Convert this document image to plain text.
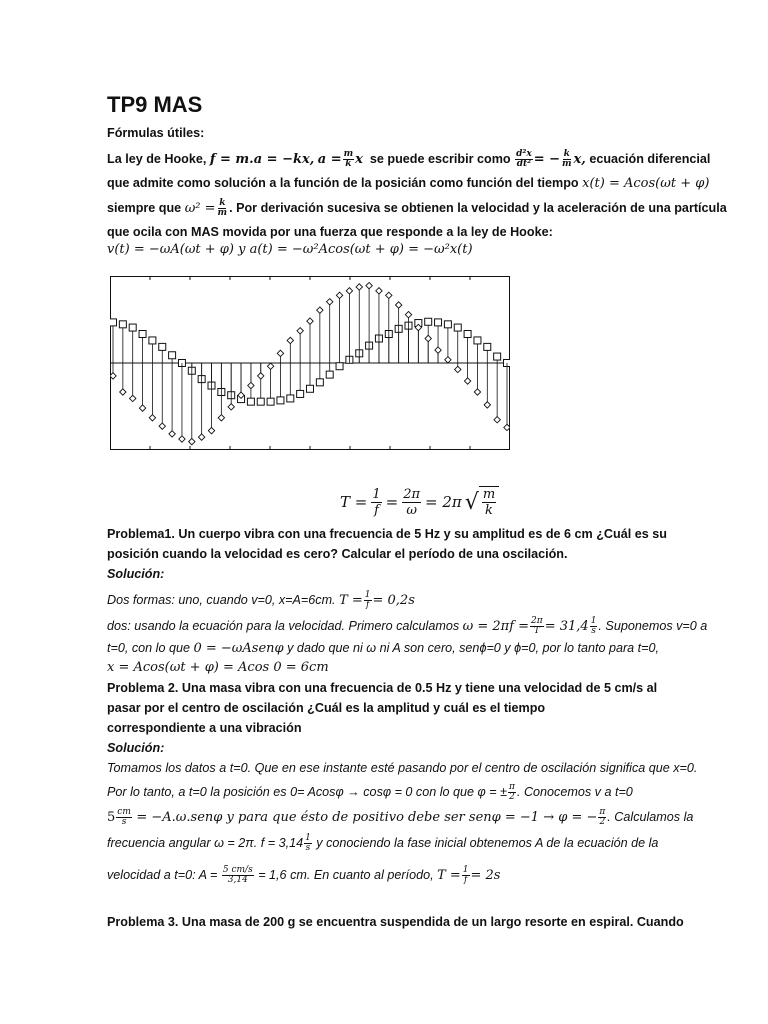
TP9 MAS
Fórmulas útiles:
La ley de Hooke, f = m.a = −kx, $a = \frac{m}{k}$ x se puede escribir como $\frac{\text{d²x}}{\text{dt²}}$ = − $\frac{k}{m} x$, ecuación diferencial
que admite como solución a la función de la posicián como función del tiempo x(t) = Acos(ωt + φ)
siempre que $\omega^2 = \frac{k}{m}$ . Por derivación sucesiva se obtienen la velocidad y la aceleración de una partícula
que ocila con MAS movida por una fuerza que responde a la ley de Hooke:
v(t) = −ωA(ωt + φ) y a(t) = −ω²Acos(ωt + φ) = −ω²x(t)
$T = \frac{1}{f} = \frac{2\pi}{\omega} = 2\pi$ √ $\frac{m}{k}$
Problema1. Un cuerpo vibra con una frecuencia de 5 Hz y su amplitud es de 6 cm ¿Cuál es su
posición cuando la velocidad es cero? Calcular el período de una oscilación.
Solución:
Dos formas: uno, cuando v=0, x=A=6cm. $T = \frac{1}{f} = 0,2s$
dos: usando la ecuación para la velocidad. Primero calculamos $\omega = 2\pi f = \frac{2\pi}{T} = 31,4 \frac{1}{s}$ . Suponemos v=0 a
t=0, con lo que 0 = −ωAsenφ y dado que ni ω ni A son cero, senϕ=0 y ϕ=0, por lo tanto para t=0,
x = Acos(ωt + φ) = Acos 0 = 6cm
Problema 2. Una masa vibra con una frecuencia de 0.5 Hz y tiene una velocidad de 5 cm/s al
pasar por el centro de oscilación ¿Cuál es la amplitud y cuál es el tiempo
correspondiente a una vibración
Solución:
Tomamos los datos a t=0. Que en ese instante esté pasando por el centro de oscilación significa que x=0.
Por lo tanto, a t=0 la posición es 0= Acosφ → cosφ = 0 con lo que φ = ± $\frac{\pi}{2}$ . Conocemos v a t=0
$5 \frac{cm}{s} = -A.\omega.sen\varphi$ y para que ésto de positivo debe ser senφ = −1 → φ = − $\frac{\pi}{2}$ . Calculamos la
frecuencia angular ω = 2π. $f = 3,14 \frac{1}{s}$ y conociendo la fase inicial obtenemos A de la ecuación de la
velocidad a t=0: $A = \frac{5 cm/s}{3,14} = 1,6$ cm. En cuanto al período, $T = \frac{1}{f} = 2s$
Problema 3. Una masa de 200 g se encuentra suspendida de un largo resorte en espiral. Cuando
